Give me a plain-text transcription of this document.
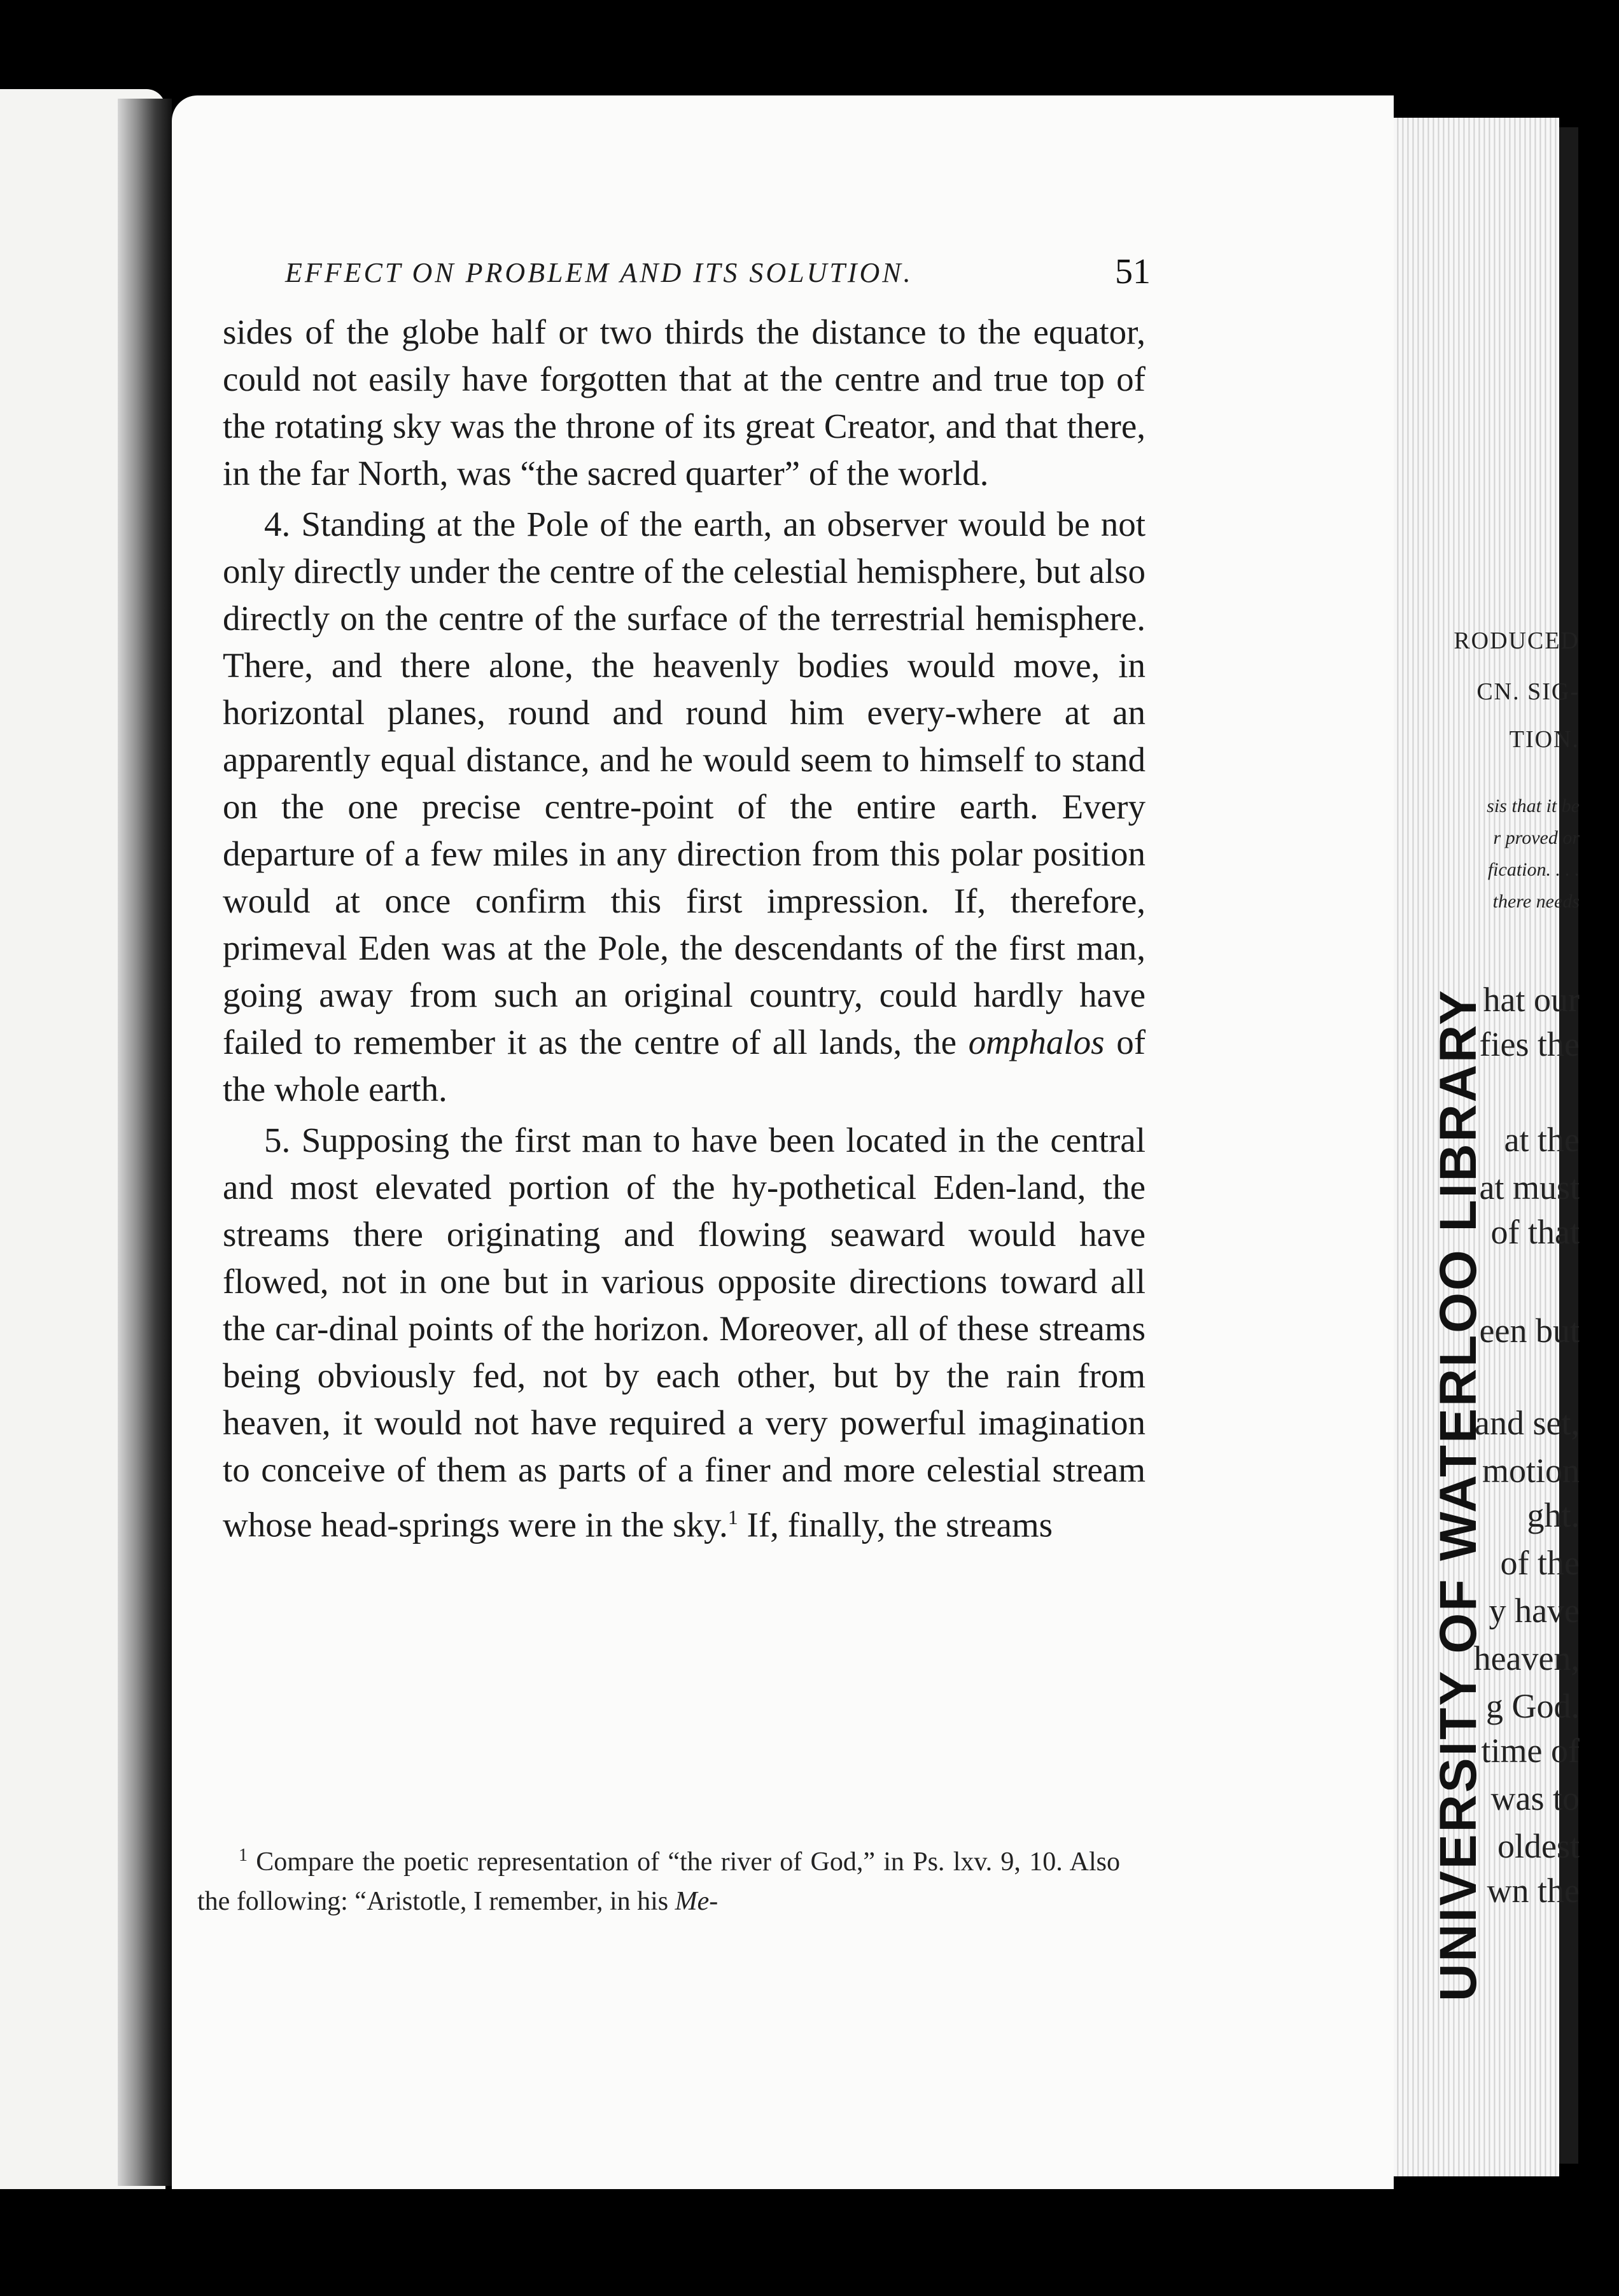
RODUCED
CN. SIG-
TION.
sis that it be
r proved or
fication. . . .
there needs
hat our
fies the
at the
at must
of that
een but
and set,
motion
ght.
of the
y have
heaven,
g God.
time of
was to
oldest
wn the
EFFECT ON PROBLEM AND ITS SOLUTION.	51

sides of the globe half or two thirds the distance to the equator, could not easily have forgotten that at the centre and true top of the rotating sky was the throne of its great Creator, and that there, in the far North, was “the sacred quarter” of the world.

4. Standing at the Pole of the earth, an observer would be not only directly under the centre of the celestial hemisphere, but also directly on the centre of the surface of the terrestrial hemisphere. There, and there alone, the heavenly bodies would move, in horizontal planes, round and round him every-where at an apparently equal distance, and he would seem to himself to stand on the one precise centre-point of the entire earth. Every departure of a few miles in any direction from this polar position would at once confirm this first impression. If, therefore, primeval Eden was at the Pole, the descendants of the first man, going away from such an original country, could hardly have failed to remember it as the centre of all lands, the omphalos of the whole earth.

5. Supposing the first man to have been located in the central and most elevated portion of the hy-pothetical Eden-land, the streams there originating and flowing seaward would have flowed, not in one but in various opposite directions toward all the car-dinal points of the horizon. Moreover, all of these streams being obviously fed, not by each other, but by the rain from heaven, it would not have required a very powerful imagination to conceive of them as parts of a finer and more celestial stream whose head-springs were in the sky.$^1$ If, finally, the streams

$^1$ Compare the poetic representation of “the river of God,” in Ps. lxv. 9, 10. Also the following: “Aristotle, I remember, in his Me-	UNIVERSITY OF WATERLOO LIBRARY
